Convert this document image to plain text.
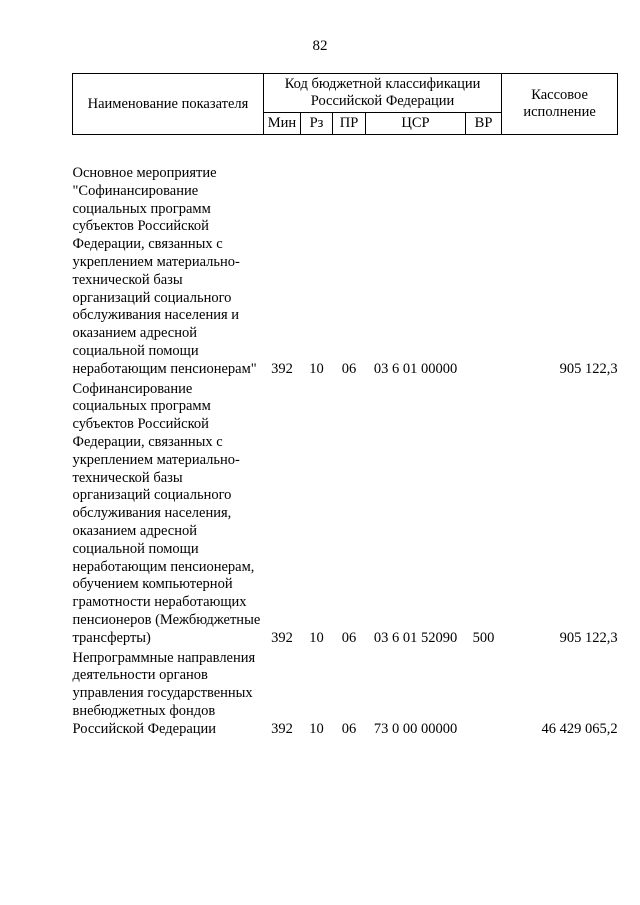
82
Наименование показателя	Код бюджетной классификации Российской Федерации					Кассовое исполнение
	Мин	Рз	ПР	ЦСР	ВР	

Основное мероприятие "Софинансирование социальных программ субъектов Российской Федерации, связанных с укреплением материально-технической базы организаций социального обслуживания населения и оказанием адресной социальной помощи неработающим пенсионерам"	392	10	06	03 6 01 00000		905 122,3

Софинансирование социальных программ субъектов Российской Федерации, связанных с укреплением материально-технической базы организаций социального обслуживания населения, оказанием адресной социальной помощи неработающим пенсионерам, обучением компьютерной грамотности неработающих пенсионеров (Межбюджетные трансферты)	392	10	06	03 6 01 52090	500	905 122,3

Непрограммные направления деятельности органов управления государственных внебюджетных фондов Российской Федерации	392	10	06	73 0 00 00000		46 429 065,2
